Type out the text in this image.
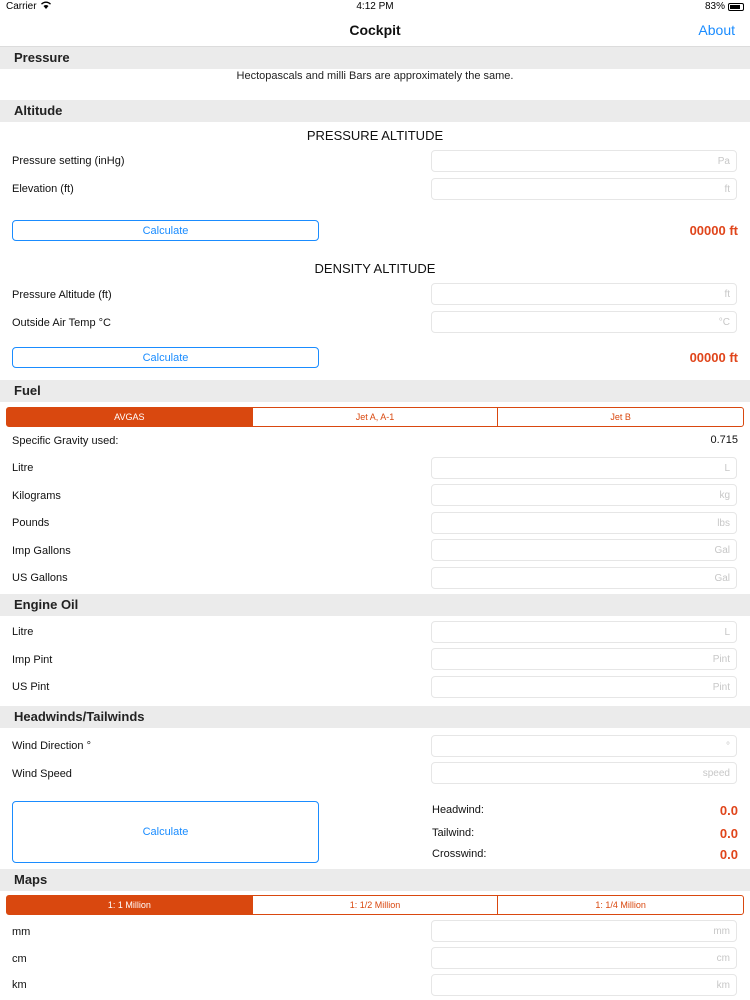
Carrier	4:12 PM	83%
Cockpit	About
Pressure
Hectopascals and milli Bars are approximately the same.
Altitude
PRESSURE ALTITUDE
Pressure setting (inHg)
Pa
Elevation (ft)
ft
Calculate	00000 ft
DENSITY ALTITUDE
Pressure Altitude (ft)
ft
Outside Air Temp °C
°C
Calculate	00000 ft
Fuel
AVGAS	Jet A, A-1	Jet B
Specific Gravity used:	0.715
Litre
L
Kilograms
kg
Pounds
lbs
Imp Gallons
Gal
US Gallons
Gal
Engine Oil
Litre
L
Imp Pint
Pint
US Pint
Pint
Headwinds/Tailwinds
Wind Direction °
°
Wind Speed
speed
Calculate
Headwind:	0.0
Tailwind:	0.0
Crosswind:	0.0
Maps
1: 1 Million	1: 1/2 Million	1: 1/4 Million
mm
mm
cm
cm
km
km
